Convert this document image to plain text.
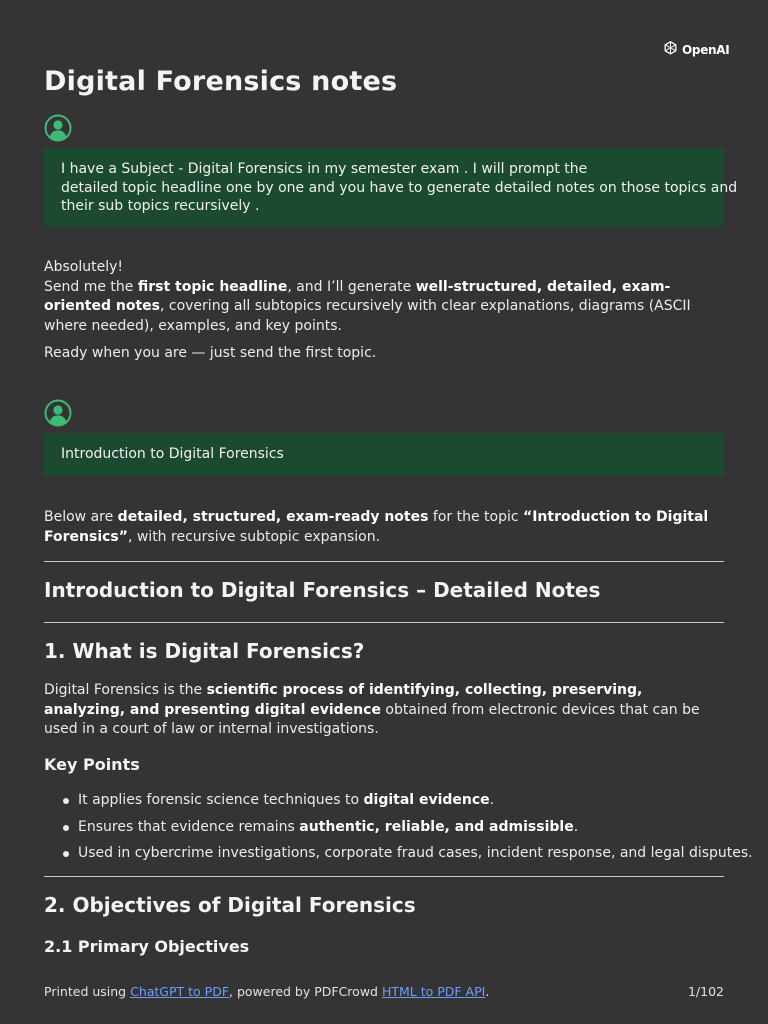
OpenAI
Digital Forensics notes
I have a Subject - Digital Forensics in my semester exam . I will prompt the
detailed topic headline one by one and you have to generate detailed notes on those topics and
their sub topics recursively .

Absolutely!

Send me the first topic headline, and I’ll generate well-structured, detailed, exam-oriented notes, covering all subtopics recursively with clear explanations, diagrams (ASCII where needed), examples, and key points.

Ready when you are — just send the first topic.

Introduction to Digital Forensics

Below are detailed, structured, exam-ready notes for the topic “Introduction to Digital Forensics”, with recursive subtopic expansion.

Introduction to Digital Forensics – Detailed Notes
1. What is Digital Forensics?

Digital Forensics is the scientific process of identifying, collecting, preserving, analyzing, and presenting digital evidence obtained from electronic devices that can be used in a court of law or internal investigations.

Key Points
It applies forensic science techniques to digital evidence.
Ensures that evidence remains authentic, reliable, and admissible.
Used in cybercrime investigations, corporate fraud cases, incident response, and legal disputes.
2. Objectives of Digital Forensics
2.1 Primary Objectives
Printed using ChatGPT to PDF, powered by PDFCrowd HTML to PDF API.	1/102
